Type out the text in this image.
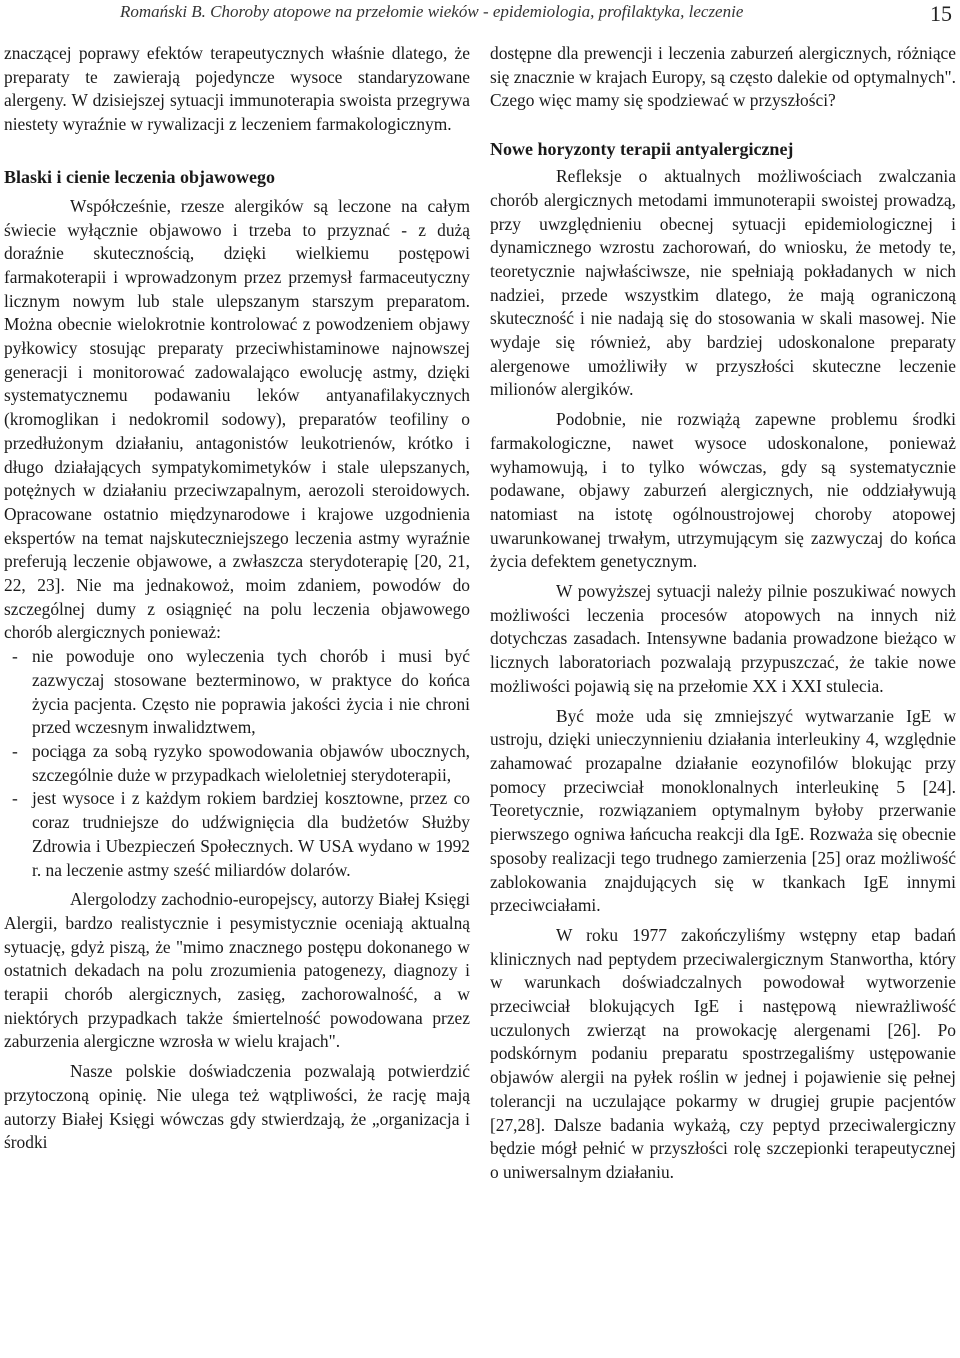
Romański B. Choroby atopowe na przełomie wieków - epidemiologia, profilaktyka, leczenie	15

znaczącej poprawy efektów terapeutycznych właśnie dlatego, że preparaty te zawierają pojedyncze wysoce standaryzowane alergeny. W dzisiejszej sytuacji immunoterapia swoista przegrywa niestety wyraźnie w rywalizacji z leczeniem farmakologicznym.

Blaski i cienie leczenia objawowego

Współcześnie, rzesze alergików są leczone na całym świecie wyłącznie objawowo i trzeba to przyznać - z dużą doraźnie skutecznością, dzięki wielkiemu postępowi farmakoterapii i wprowadzonym przez przemysł farmaceutyczny licznym nowym lub stale ulepszanym starszym preparatom. Można obecnie wielokrotnie kontrolować z powodzeniem objawy pyłkowicy stosując preparaty przeciwhistaminowe najnowszej generacji i monitorować zadowalająco ewolucję astmy, dzięki systematycznemu podawaniu leków antyanafilakycznych (kromoglikan i nedokromil sodowy), preparatów teofiliny o przedłużonym działaniu, antagonistów leukotrienów, krótko i długo działających sympatykomimetyków i stale ulepszanych, potężnych w działaniu przeciwzapalnym, aerozoli steroidowych. Opracowane ostatnio międzynarodowe i krajowe uzgodnienia ekspertów na temat najskuteczniejszego leczenia astmy wyraźnie preferują leczenie objawowe, a zwłaszcza sterydoterapię [20, 21, 22, 23]. Nie ma jednakowoż, moim zdaniem, powodów do szczególnej dumy z osiągnięć na polu leczenia objawowego chorób alergicznych ponieważ:

- nie powoduje ono wyleczenia tych chorób i musi być zazwyczaj stosowane bezterminowo, w praktyce do końca życia pacjenta. Często nie poprawia jakości życia i nie chroni przed wczesnym inwalidztwem,
- pociąga za sobą ryzyko spowodowania objawów ubocznych, szczególnie duże w przypadkach wieloletniej sterydoterapii,
- jest wysoce i z każdym rokiem bardziej kosztowne, przez co coraz trudniejsze do udźwignięcia dla budżetów Służby Zdrowia i Ubezpieczeń Społecznych. W USA wydano w 1992 r. na leczenie astmy sześć miliardów dolarów.

Alergolodzy zachodnio-europejscy, autorzy Białej Księgi Alergii, bardzo realistycznie i pesymistycznie oceniają aktualną sytuację, gdyż piszą, że "mimo znacznego postępu dokonanego w ostatnich dekadach na polu zrozumienia patogenezy, diagnozy i terapii chorób alergicznych, zasięg, zachorowalność, a w niektórych przypadkach także śmiertelność powodowana przez zaburzenia alergiczne wzrosła w wielu krajach".

Nasze polskie doświadczenia pozwalają potwierdzić przytoczoną opinię. Nie ulega też wątpliwości, że rację mają autorzy Białej Księgi wówczas gdy stwierdzają, że „organizacja i środki

dostępne dla prewencji i leczenia zaburzeń alergicznych, różniące się znacznie w krajach Europy, są często dalekie od optymalnych". Czego więc mamy się spodziewać w przyszłości?

Nowe horyzonty terapii antyalergicznej

Refleksje o aktualnych możliwościach zwalczania chorób alergicznych metodami immunoterapii swoistej prowadzą, przy uwzględnieniu obecnej sytuacji epidemiologicznej i dynamicznego wzrostu zachorowań, do wniosku, że metody te, teoretycznie najwłaściwsze, nie spełniają pokładanych w nich nadziei, przede wszystkim dlatego, że mają ograniczoną skuteczność i nie nadają się do stosowania w skali masowej. Nie wydaje się również, aby bardziej udoskonalone preparaty alergenowe umożliwiły w przyszłości skuteczne leczenie milionów alergików.

Podobnie, nie rozwiążą zapewne problemu środki farmakologiczne, nawet wysoce udoskonalone, ponieważ wyhamowują, i to tylko wówczas, gdy są systematycznie podawane, objawy zaburzeń alergicznych, nie oddziaływują natomiast na istotę ogólnoustrojowej choroby atopowej uwarunkowanej trwałym, utrzymującym się zazwyczaj do końca życia defektem genetycznym.

W powyższej sytuacji należy pilnie poszukiwać nowych możliwości leczenia procesów atopowych na innych niż dotychczas zasadach. Intensywne badania prowadzone bieżąco w licznych laboratoriach pozwalają przypuszczać, że takie nowe możliwości pojawią się na przełomie XX i XXI stulecia.

Być może uda się zmniejszyć wytwarzanie IgE w ustroju, dzięki unieczynnieniu działania interleukiny 4, względnie zahamować prozapalne działanie eozynofilów blokując przy pomocy przeciwciał monoklonalnych interleukinę 5 [24]. Teoretycznie, rozwiązaniem optymalnym byłoby przerwanie pierwszego ogniwa łańcucha reakcji dla IgE. Rozważa się obecnie sposoby realizacji tego trudnego zamierzenia [25] oraz możliwość zablokowania znajdujących się w tkankach IgE innymi przeciwciałami.

W roku 1977 zakończyliśmy wstępny etap badań klinicznych nad peptydem przeciwalergicznym Stanwortha, który w warunkach doświadczalnych powodował wytworzenie przeciwciał blokujących IgE i następową niewrażliwość uczulonych zwierząt na prowokację alergenami [26]. Po podskórnym podaniu preparatu spostrzegaliśmy ustępowanie objawów alergii na pyłek roślin w jednej i pojawienie się pełnej tolerancji na uczulające pokarmy w drugiej grupie pacjentów [27,28]. Dalsze badania wykażą, czy peptyd przeciwalergiczny będzie mógł pełnić w przyszłości rolę szczepionki terapeutycznej o uniwersalnym działaniu.
